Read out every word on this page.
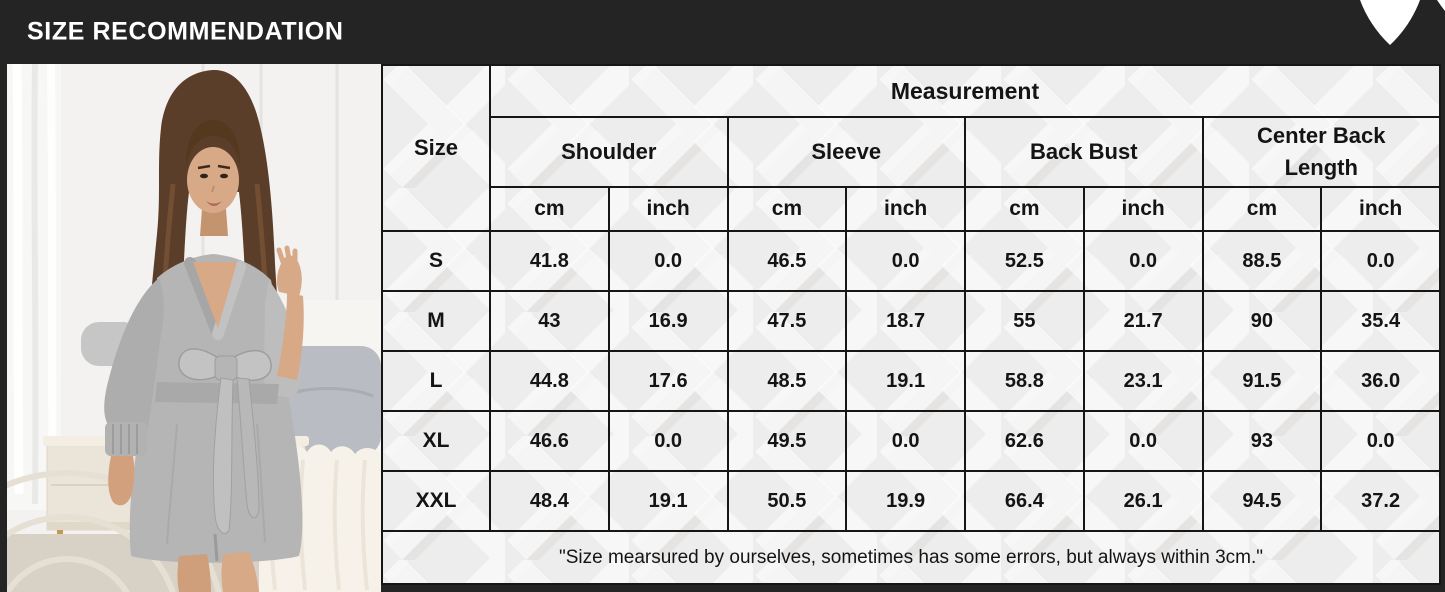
SIZE RECOMMENDATION
Size	Measurement							
	Shoulder		Sleeve		Back Bust		Center Back Length	
	cm	inch	cm	inch	cm	inch	cm	inch
S	41.8	0.0	46.5	0.0	52.5	0.0	88.5	0.0
M	43	16.9	47.5	18.7	55	21.7	90	35.4
L	44.8	17.6	48.5	19.1	58.8	23.1	91.5	36.0
XL	46.6	0.0	49.5	0.0	62.6	0.0	93	0.0
XXL	48.4	19.1	50.5	19.9	66.4	26.1	94.5	37.2
"Size mearsured by ourselves, sometimes has some errors, but always within 3cm."								
